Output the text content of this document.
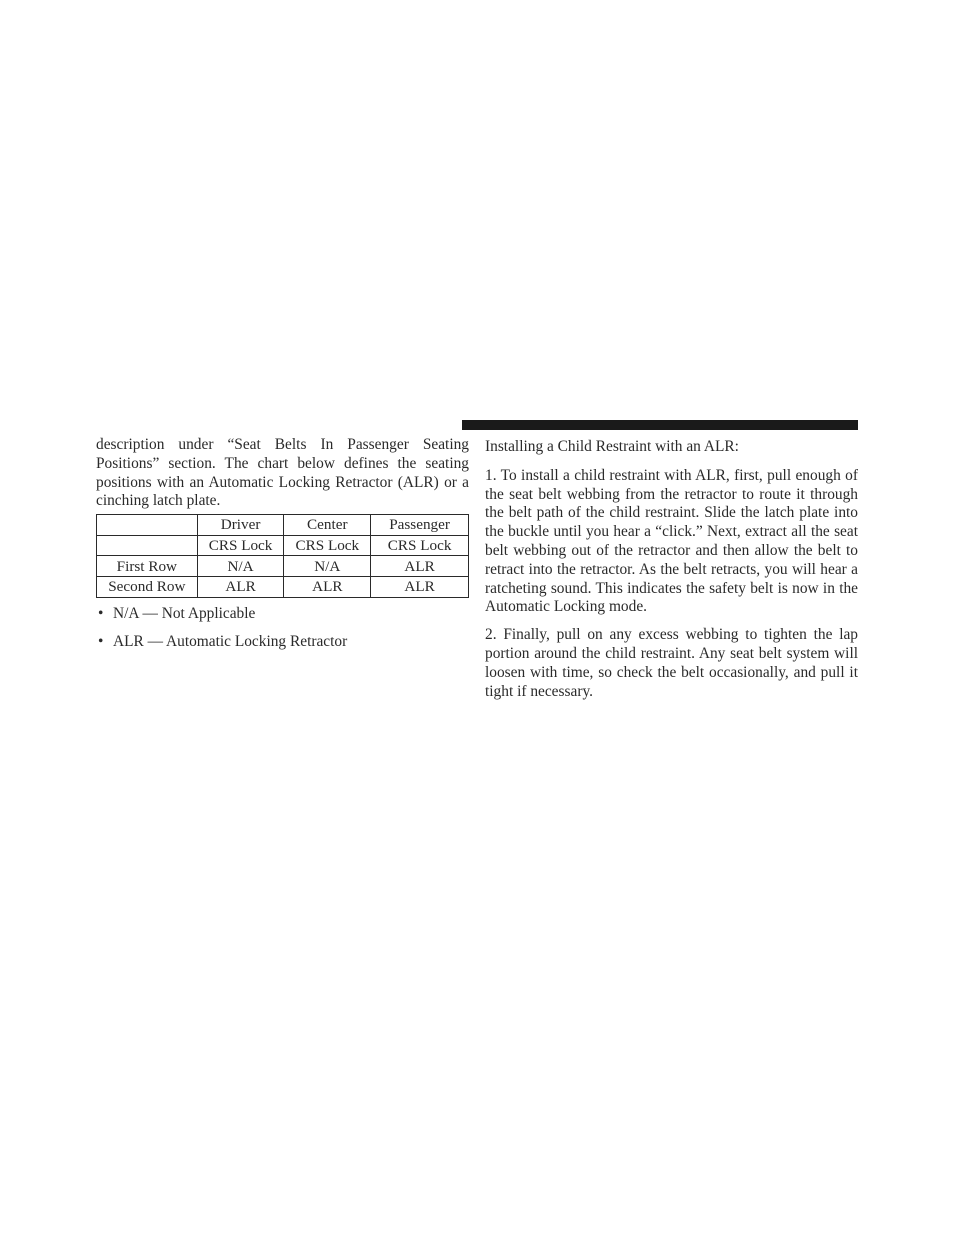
description under “Seat Belts In Passenger Seating Positions” section. The chart below defines the seating positions with an Automatic Locking Retractor (ALR) or a cinching latch plate.

	Driver	Center	Passenger
	CRS Lock	CRS Lock	CRS Lock
First Row	N/A	N/A	ALR
Second Row	ALR	ALR	ALR
• N/A — Not Applicable
• ALR — Automatic Locking Retractor

Installing a Child Restraint with an ALR:

1. To install a child restraint with ALR, first, pull enough of the seat belt webbing from the retractor to route it through the belt path of the child restraint. Slide the latch plate into the buckle until you hear a “click.” Next, extract all the seat belt webbing out of the retractor and then allow the belt to retract into the retractor. As the belt retracts, you will hear a ratcheting sound. This indicates the safety belt is now in the Automatic Locking mode.

2. Finally, pull on any excess webbing to tighten the lap portion around the child restraint. Any seat belt system will loosen with time, so check the belt occasionally, and pull it tight if necessary.
